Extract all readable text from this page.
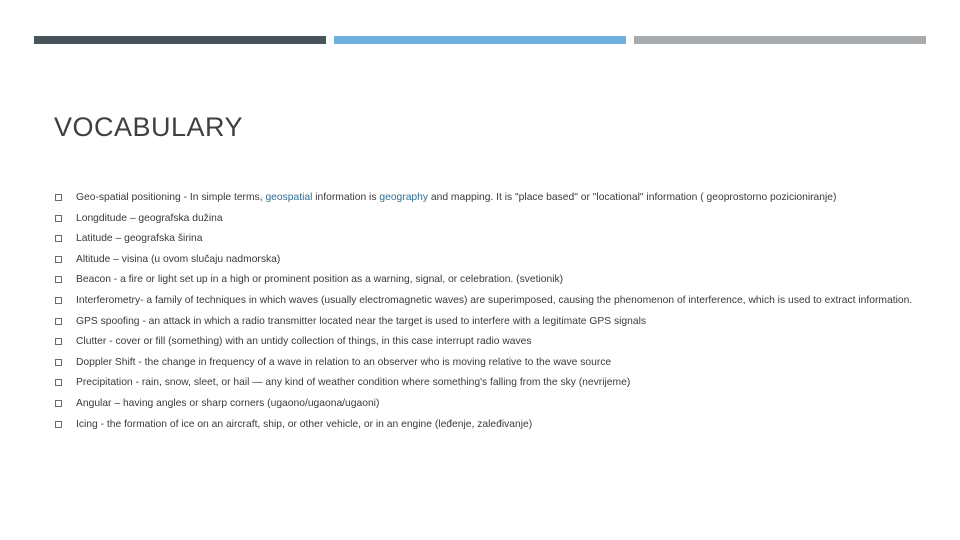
VOCABULARY
Geo-spatial positioning - In simple terms, geospatial information is geography and mapping. It is "place based" or "locational" information ( geoprostorno pozicioniranje)
Longditude – geografska dužina
Latitude – geografska širina
Altitude – visina (u ovom slučaju nadmorska)
Beacon - a fire or light set up in a high or prominent position as a warning, signal, or celebration. (svetionik)
Interferometry- a family of techniques in which waves (usually electromagnetic waves) are superimposed, causing the phenomenon of interference, which is used to extract information.
GPS spoofing - an attack in which a radio transmitter located near the target is used to interfere with a legitimate GPS signals
Clutter - cover or fill (something) with an untidy collection of things, in this case interrupt radio waves
Doppler Shift - the change in frequency of a wave in relation to an observer who is moving relative to the wave source
Precipitation - rain, snow, sleet, or hail — any kind of weather condition where something's falling from the sky (nevrijeme)
Angular – having angles or sharp corners (ugaono/ugaona/ugaoni)
Icing - the formation of ice on an aircraft, ship, or other vehicle, or in an engine (leđenje, zaleđivanje)
